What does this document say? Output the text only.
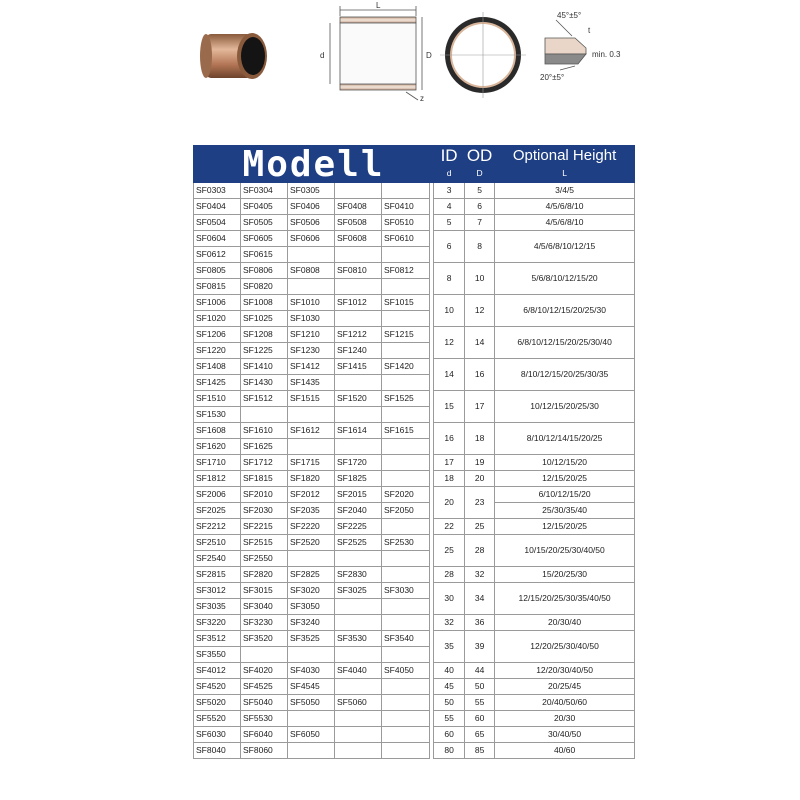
L
d	D
z
45°±5°
t
min. 0.3
20°±5°
Modell						ID	OD	Optional Height
						d	D	L
SF0303	SF0304	SF0305				3	5	3/4/5
SF0404	SF0405	SF0406	SF0408	SF0410		4	6	4/5/6/8/10
SF0504	SF0505	SF0506	SF0508	SF0510		5	7	4/5/6/8/10
SF0604	SF0605	SF0606	SF0608	SF0610		6	8	4/5/6/8/10/12/15
SF0612	SF0615							
SF0805	SF0806	SF0808	SF0810	SF0812		8	10	5/6/8/10/12/15/20
SF0815	SF0820							
SF1006	SF1008	SF1010	SF1012	SF1015		10	12	6/8/10/12/15/20/25/30
SF1020	SF1025	SF1030						
SF1206	SF1208	SF1210	SF1212	SF1215		12	14	6/8/10/12/15/20/25/30/40
SF1220	SF1225	SF1230	SF1240					
SF1408	SF1410	SF1412	SF1415	SF1420		14	16	8/10/12/15/20/25/30/35
SF1425	SF1430	SF1435						
SF1510	SF1512	SF1515	SF1520	SF1525		15	17	10/12/15/20/25/30
SF1530								
SF1608	SF1610	SF1612	SF1614	SF1615		16	18	8/10/12/14/15/20/25
SF1620	SF1625							
SF1710	SF1712	SF1715	SF1720			17	19	10/12/15/20
SF1812	SF1815	SF1820	SF1825			18	20	12/15/20/25
SF2006	SF2010	SF2012	SF2015	SF2020		20	23	6/10/12/15/20
SF2025	SF2030	SF2035	SF2040	SF2050				25/30/35/40
SF2212	SF2215	SF2220	SF2225			22	25	12/15/20/25
SF2510	SF2515	SF2520	SF2525	SF2530		25	28	10/15/20/25/30/40/50
SF2540	SF2550							
SF2815	SF2820	SF2825	SF2830			28	32	15/20/25/30
SF3012	SF3015	SF3020	SF3025	SF3030		30	34	12/15/20/25/30/35/40/50
SF3035	SF3040	SF3050						
SF3220	SF3230	SF3240				32	36	20/30/40
SF3512	SF3520	SF3525	SF3530	SF3540		35	39	12/20/25/30/40/50
SF3550								
SF4012	SF4020	SF4030	SF4040	SF4050		40	44	12/20/30/40/50
SF4520	SF4525	SF4545				45	50	20/25/45
SF5020	SF5040	SF5050	SF5060			50	55	20/40/50/60
SF5520	SF5530					55	60	20/30
SF6030	SF6040	SF6050				60	65	30/40/50
SF8040	SF8060					80	85	40/60
